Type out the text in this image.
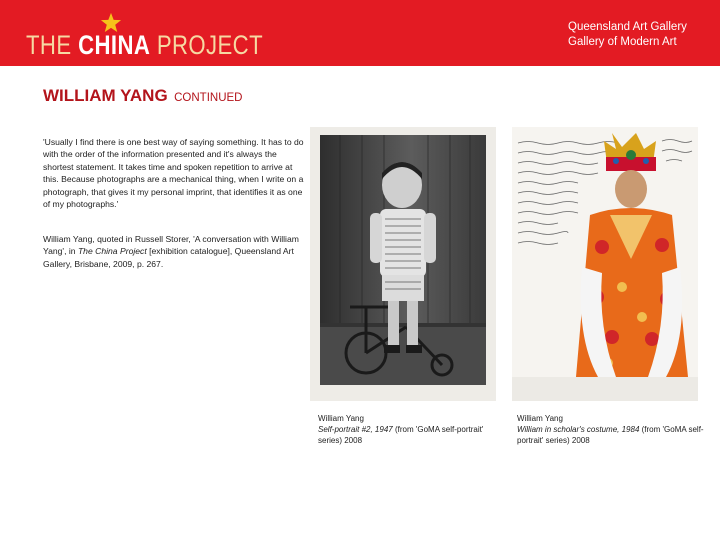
THE CHINA PROJECT
Queensland Art Gallery
Gallery of Modern Art
WILLIAM YANG CONTINUED
'Usually I find there is one best way of saying something. It has to do with the order of the information presented and it's always the shortest statement. It takes time and spoken repetition to arrive at this. Because photographs are a mechanical thing, when I write on a photograph, that gives it my personal imprint, that identifies it as one of my photographs.'
William Yang, quoted in Russell Storer, 'A conversation with William Yang', in The China Project [exhibition catalogue], Queensland Art Gallery, Brisbane, 2009, p. 267.
William Yang
Self-portrait #2, 1947 (from 'GoMA self-portrait' series) 2008
William Yang
William in scholar's costume, 1984 (from 'GoMA self-portrait' series) 2008
